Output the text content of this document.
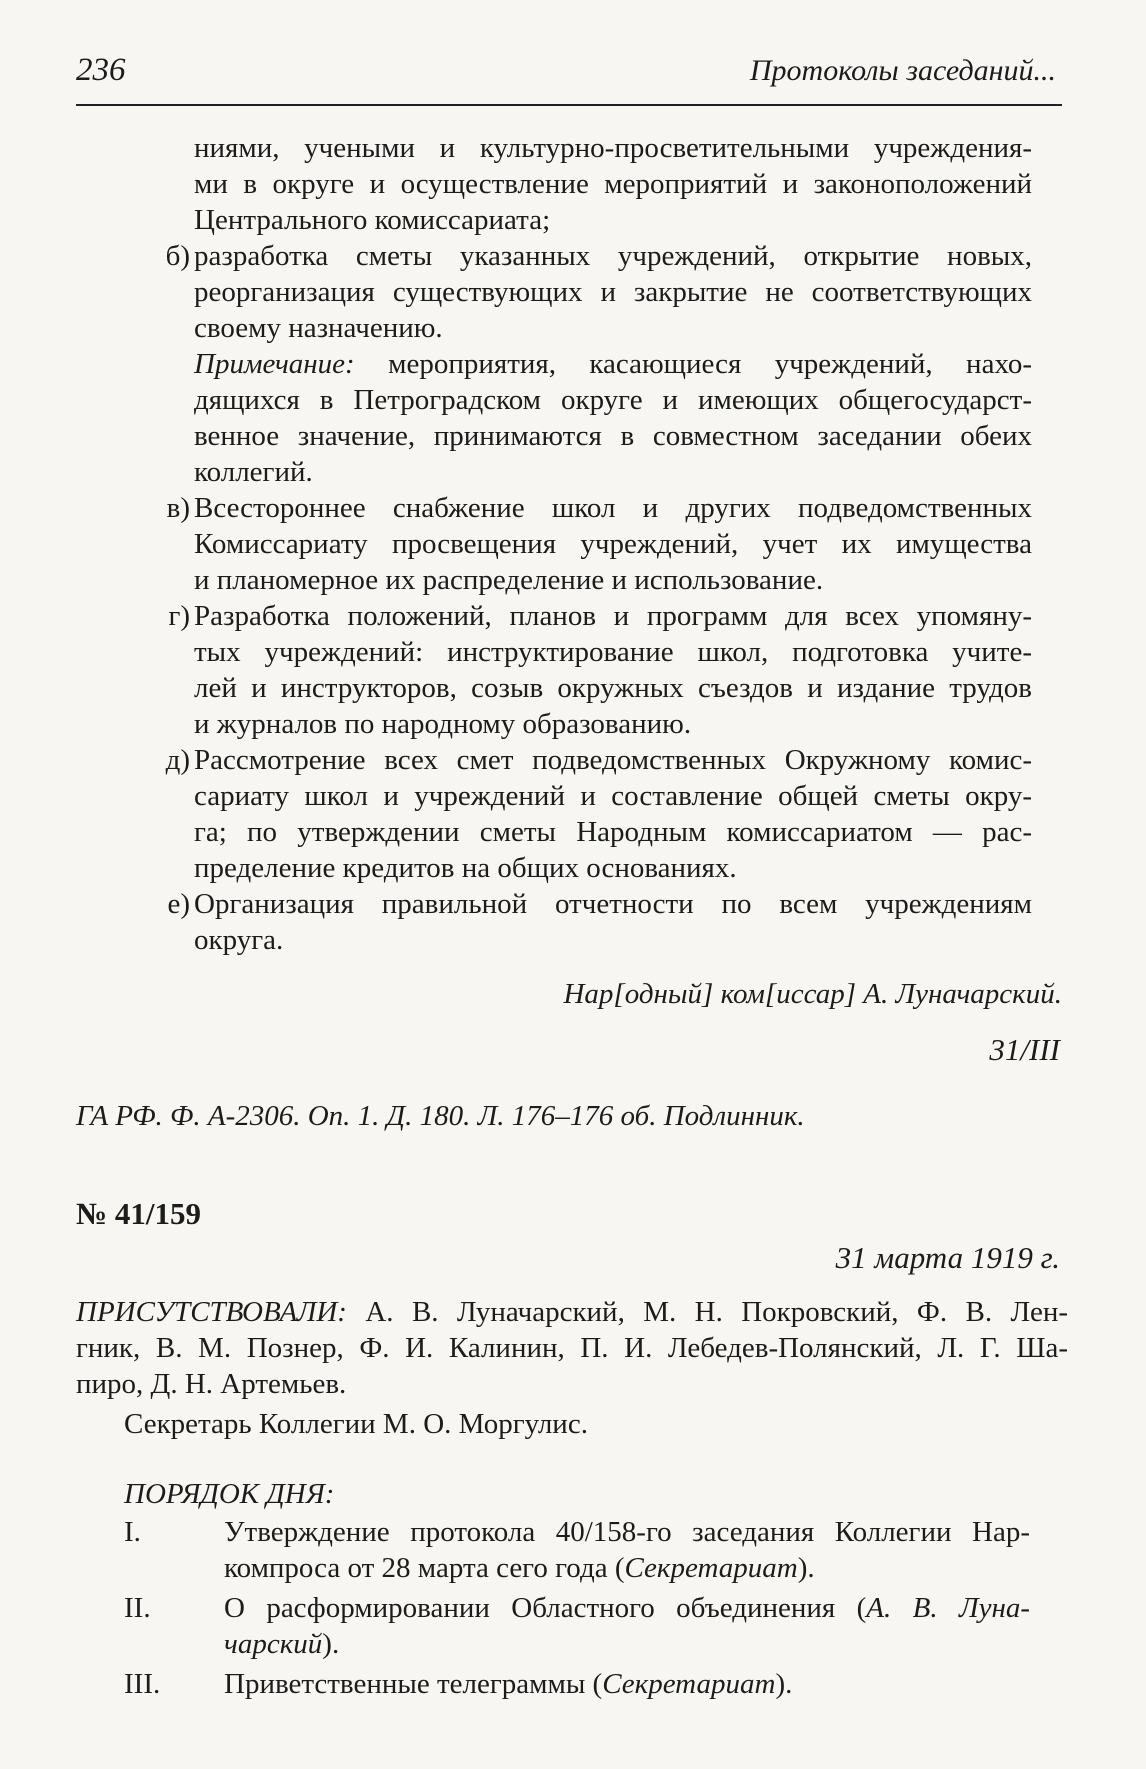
236	Протоколы заседаний...
ниями, учеными и культурно-просветительными учреждения-
ми в округе и осуществление мероприятий и законоположений
Центрального комиссариата;
б) разработка сметы указанных учреждений, открытие новых,
реорганизация существующих и закрытие не соответствующих
своему назначению.
Примечание: мероприятия, касающиеся учреждений, нахо-
дящихся в Петроградском округе и имеющих общегосударст-
венное значение, принимаются в совместном заседании обеих
коллегий.
в) Всестороннее снабжение школ и других подведомственных
Комиссариату просвещения учреждений, учет их имущества
и планомерное их распределение и использование.
г) Разработка положений, планов и программ для всех упомяну-
тых учреждений: инструктирование школ, подготовка учите-
лей и инструкторов, созыв окружных съездов и издание трудов
и журналов по народному образованию.
д) Рассмотрение всех смет подведомственных Окружному комис-
сариату школ и учреждений и составление общей сметы окру-
га; по утверждении сметы Народным комиссариатом — рас-
пределение кредитов на общих основаниях.
е) Организация правильной отчетности по всем учреждениям
округа.
Нар[одный] ком[иссар] А. Луначарский.
31/III
ГА РФ. Ф. А-2306. Оп. 1. Д. 180. Л. 176–176 об. Подлинник.
№ 41/159
31 марта 1919 г.
ПРИСУТСТВОВАЛИ: А. В. Луначарский, М. Н. Покровский, Ф. В. Лен-
гник, В. М. Познер, Ф. И. Калинин, П. И. Лебедев-Полянский, Л. Г. Ша-
пиро, Д. Н. Артемьев.
Секретарь Коллегии М. О. Моргулис.
ПОРЯДОК ДНЯ:
I.	Утверждение протокола 40/158-го заседания Коллегии Нар-
компроса от 28 марта сего года (Секретариат).
II.	О расформировании Областного объединения (А. В. Луна-
чарский).
III. Приветственные телеграммы (Секретариат).
